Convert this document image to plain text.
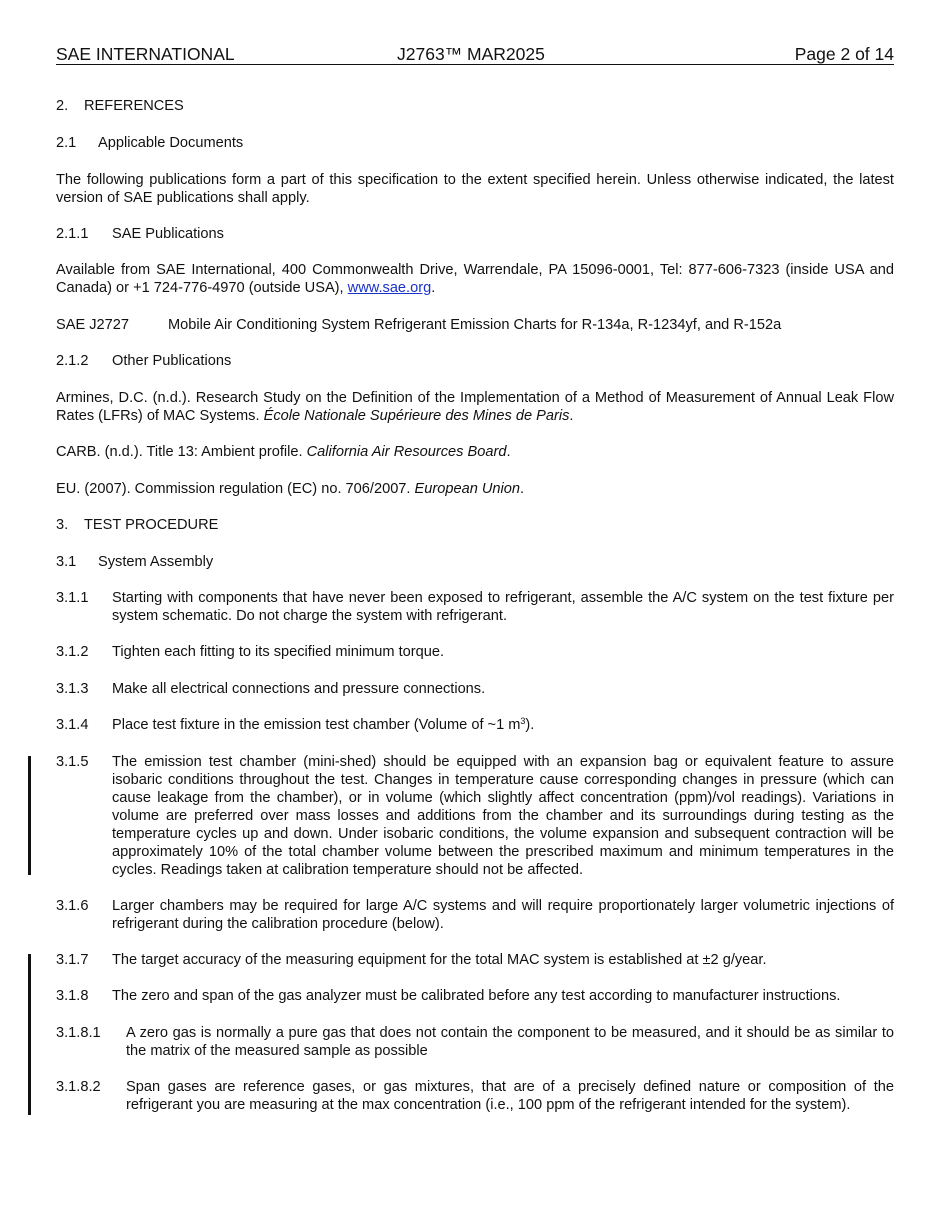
SAE INTERNATIONAL	J2763™ MAR2025	Page 2 of 14
2. REFERENCES
2.1 Applicable Documents

The following publications form a part of this specification to the extent specified herein. Unless otherwise indicated, the latest version of SAE publications shall apply.

2.1.1 SAE Publications

Available from SAE International, 400 Commonwealth Drive, Warrendale, PA 15096-0001, Tel: 877-606-7323 (inside USA and Canada) or +1 724-776-4970 (outside USA), www.sae.org.

SAE J2727	Mobile Air Conditioning System Refrigerant Emission Charts for R-134a, R-1234yf, and R-152a
2.1.2 Other Publications

Armines, D.C. (n.d.). Research Study on the Definition of the Implementation of a Method of Measurement of Annual Leak Flow Rates (LFRs) of MAC Systems. École Nationale Supérieure des Mines de Paris.

CARB. (n.d.). Title 13: Ambient profile. California Air Resources Board.

EU. (2007). Commission regulation (EC) no. 706/2007. European Union.

3. TEST PROCEDURE
3.1 System Assembly
3.1.1 Starting with components that have never been exposed to refrigerant, assemble the A/C system on the test fixture per system schematic. Do not charge the system with refrigerant.

3.1.2 Tighten each fitting to its specified minimum torque.

3.1.3 Make all electrical connections and pressure connections.

3.1.4 Place test fixture in the emission test chamber (Volume of ~1 $m^3$).

3.1.5 The emission test chamber (mini-shed) should be equipped with an expansion bag or equivalent feature to assure isobaric conditions throughout the test. Changes in temperature cause corresponding changes in pressure (which can cause leakage from the chamber), or in volume (which slightly affect concentration (ppm)/vol readings). Variations in volume are preferred over mass losses and additions from the chamber and its surroundings during testing as the temperature cycles up and down. Under isobaric conditions, the volume expansion and subsequent contraction will be approximately 10% of the total chamber volume between the prescribed maximum and minimum temperatures in the cycles. Readings taken at calibration temperature should not be affected.

3.1.6 Larger chambers may be required for large A/C systems and will require proportionately larger volumetric injections of refrigerant during the calibration procedure (below).

3.1.7 The target accuracy of the measuring equipment for the total MAC system is established at ±2 g/year.

3.1.8 The zero and span of the gas analyzer must be calibrated before any test according to manufacturer instructions.

3.1.8.1 A zero gas is normally a pure gas that does not contain the component to be measured, and it should be as similar to the matrix of the measured sample as possible

3.1.8.2 Span gases are reference gases, or gas mixtures, that are of a precisely defined nature or composition of the refrigerant you are measuring at the max concentration (i.e., 100 ppm of the refrigerant intended for the system).
